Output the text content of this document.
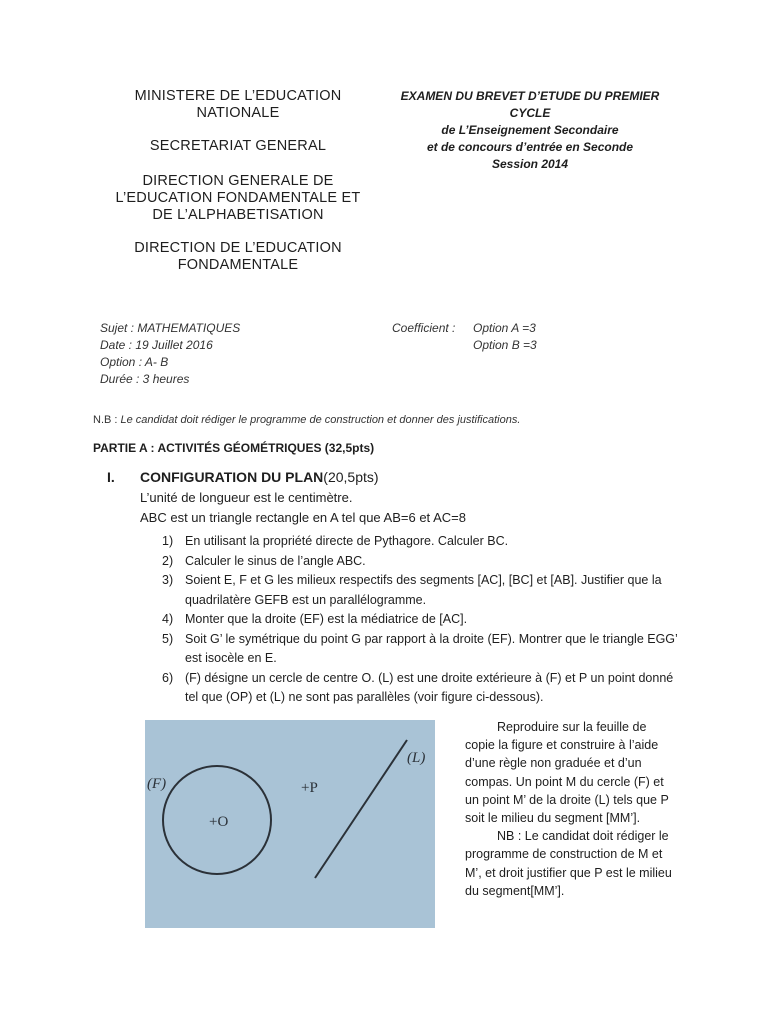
MINISTERE DE L’EDUCATION NATIONALE
SECRETARIAT GENERAL
DIRECTION GENERALE DE L’EDUCATION FONDAMENTALE ET DE L’ALPHABETISATION
DIRECTION DE L’EDUCATION FONDAMENTALE
EXAMEN DU BREVET D’ETUDE DU PREMIER
CYCLE
de L’Enseignement Secondaire
et de concours d’entrée en Seconde
Session 2014
Sujet : MATHEMATIQUES
Date : 19 Juillet 2016
Option : A- B
Durée : 3 heures
Coefficient : Option A =3
Option B =3
N.B : Le candidat doit rédiger le programme de construction et donner des justifications.
PARTIE A : ACTIVITÉS GÉOMÉTRIQUES (32,5pts)
I. CONFIGURATION DU PLAN(20,5pts)
L’unité de longueur est le centimètre.
ABC est un triangle rectangle en A tel que AB=6 et AC=8
1) En utilisant la propriété directe de Pythagore. Calculer BC.
2) Calculer le sinus de l’angle ABC.
3) Soient E, F et G les milieux respectifs des segments [AC], [BC] et [AB]. Justifier que la quadrilatère GEFB est un parallélogramme.
4) Monter que la droite (EF) est la médiatrice de [AC].
5) Soit G’ le symétrique du point G par rapport à la droite (EF). Montrer que le triangle EGG’ est isocèle en E.
6) (F) désigne un cercle de centre O. (L) est une droite extérieure à (F) et P un point donné tel que (OP) et (L) ne sont pas parallèles (voir figure ci-dessous).
(F)
+O
+P
(L)

Reproduire sur la feuille de copie la figure et construire à l’aide d’une règle non graduée et d’un compas. Un point M du cercle (F) et un point M’ de la droite (L) tels que P soit le milieu du segment [MM’].

NB : Le candidat doit rédiger le programme de construction de M et M’, et droit justifier que P est le milieu du segment[MM’].
